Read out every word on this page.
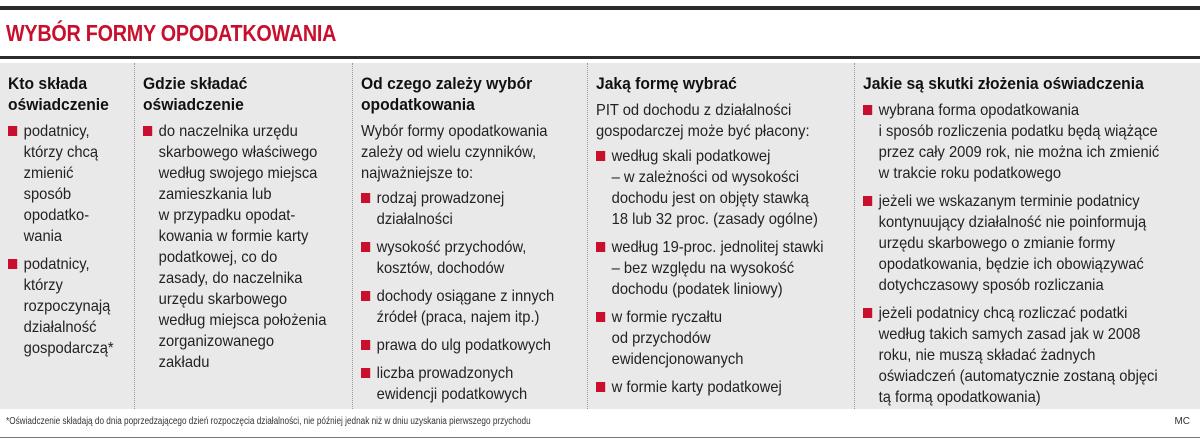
WYBÓR FORMY OPODATKOWANIA
Kto składa
oświadczenie
podatnicy,
którzy chcą
zmienić
sposób
opodatko-
wania
podatnicy,
którzy
rozpoczynają
działalność
gospodarczą*
Gdzie składać
oświadczenie
do naczelnika urzędu
skarbowego właściwego
według swojego miejsca
zamieszkania lub
w przypadku opodat-
kowania w formie karty
podatkowej, co do
zasady, do naczelnika
urzędu skarbowego
według miejsca położenia
zorganizowanego
zakładu
Od czego zależy wybór
opodatkowania
Wybór formy opodatkowania
zależy od wielu czynników,
najważniejsze to:
rodzaj prowadzonej
działalności
wysokość przychodów,
kosztów, dochodów
dochody osiągane z innych
źródeł (praca, najem itp.)
prawa do ulg podatkowych
liczba prowadzonych
ewidencji podatkowych
Jaką formę wybrać
PIT od dochodu z działalności
gospodarczej może być płacony:
według skali podatkowej
– w zależności od wysokości
dochodu jest on objęty stawką
18 lub 32 proc. (zasady ogólne)
według 19-proc. jednolitej stawki
– bez względu na wysokość
dochodu (podatek liniowy)
w formie ryczałtu
od przychodów
ewidencjonowanych
w formie karty podatkowej
Jakie są skutki złożenia oświadczenia
wybrana forma opodatkowania
i sposób rozliczenia podatku będą wiążące
przez cały 2009 rok, nie można ich zmienić
w trakcie roku podatkowego
jeżeli we wskazanym terminie podatnicy
kontynuujący działalność nie poinformują
urzędu skarbowego o zmianie formy
opodatkowania, będzie ich obowiązywać
dotychczasowy sposób rozliczania
jeżeli podatnicy chcą rozliczać podatki
według takich samych zasad jak w 2008
roku, nie muszą składać żadnych
oświadczeń (automatycznie zostaną objęci
tą formą opodatkowania)
*Oświadczenie składają do dnia poprzedzającego dzień rozpoczęcia działalności, nie później jednak niż w dniu uzyskania pierwszego przychodu	MC
